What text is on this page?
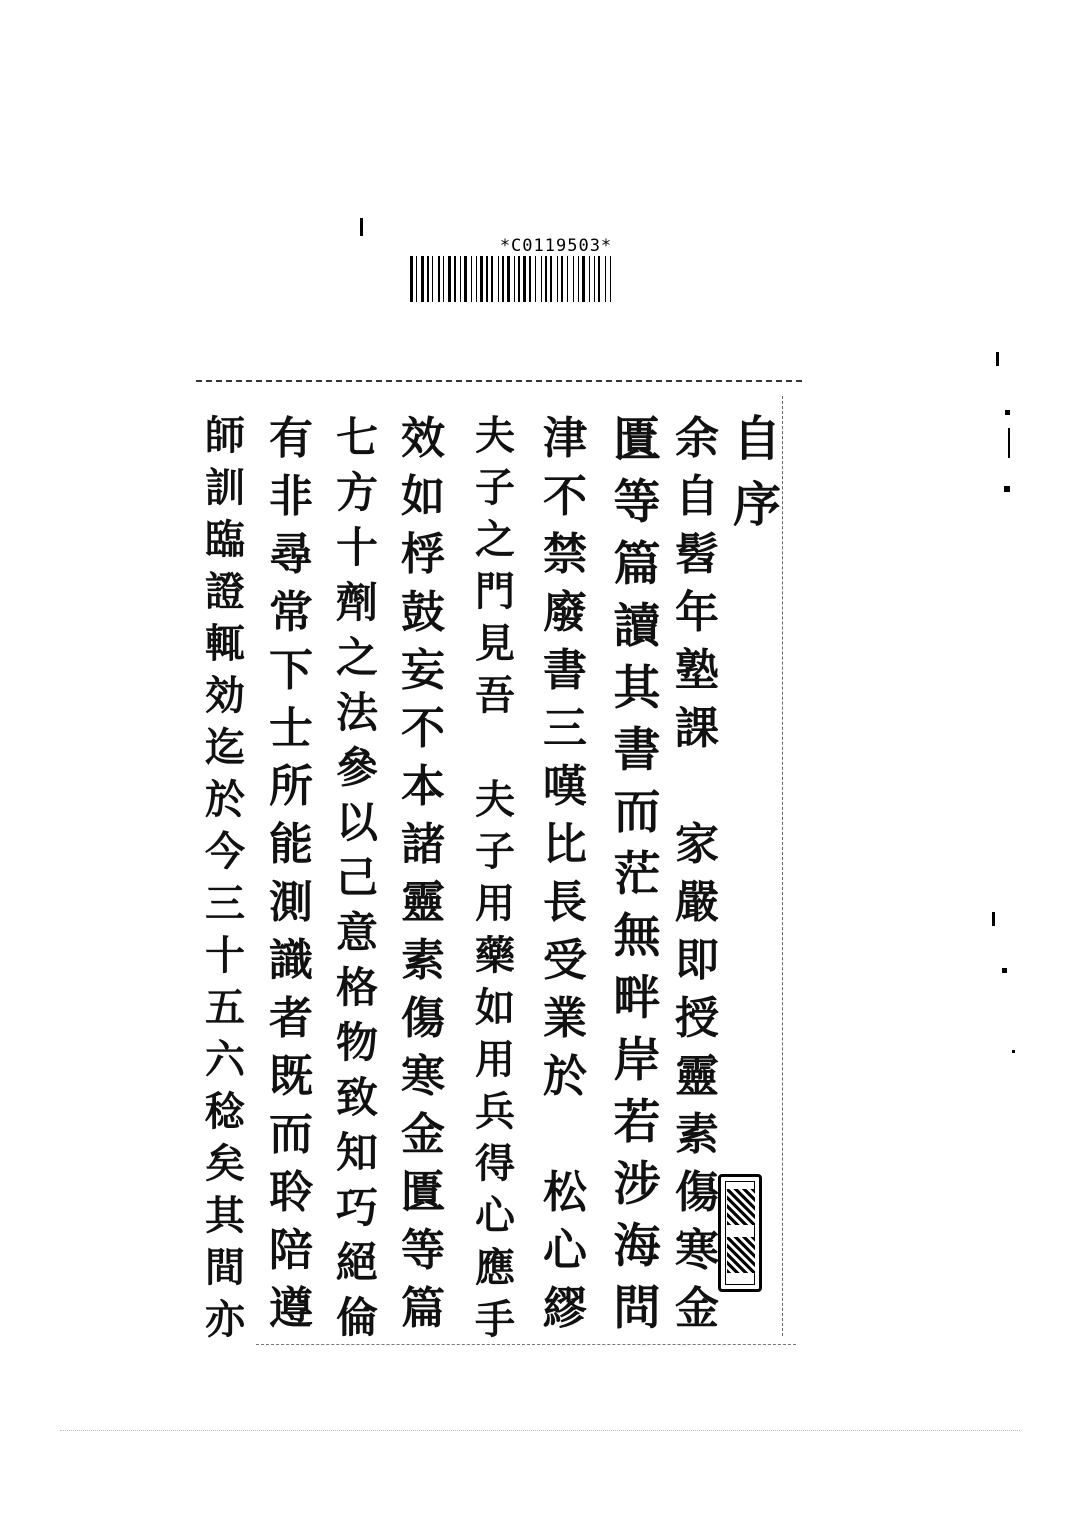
*C0119503*
自
序
余
自
髫
年
塾
課
家
嚴
即
授
靈
素
傷
寒
金
匱
等
篇
讀
其
書
而
茫
無
畔
岸
若
涉
海
問
津
不
禁
廢
書
三
嘆
比
長
受
業
於
松
心
繆
夫
子
之
門
見
吾
夫
子
用
藥
如
用
兵
得
心
應
手
效
如
桴
鼓
妄
不
本
諸
靈
素
傷
寒
金
匱
等
篇
七
方
十
劑
之
法
參
以
己
意
格
物
致
知
巧
絕
倫
有
非
尋
常
下
士
所
能
測
識
者
既
而
聆
陪
遵
師
訓
臨
證
輒
効
迄
於
今
三
十
五
六
稔
矣
其
間
亦
